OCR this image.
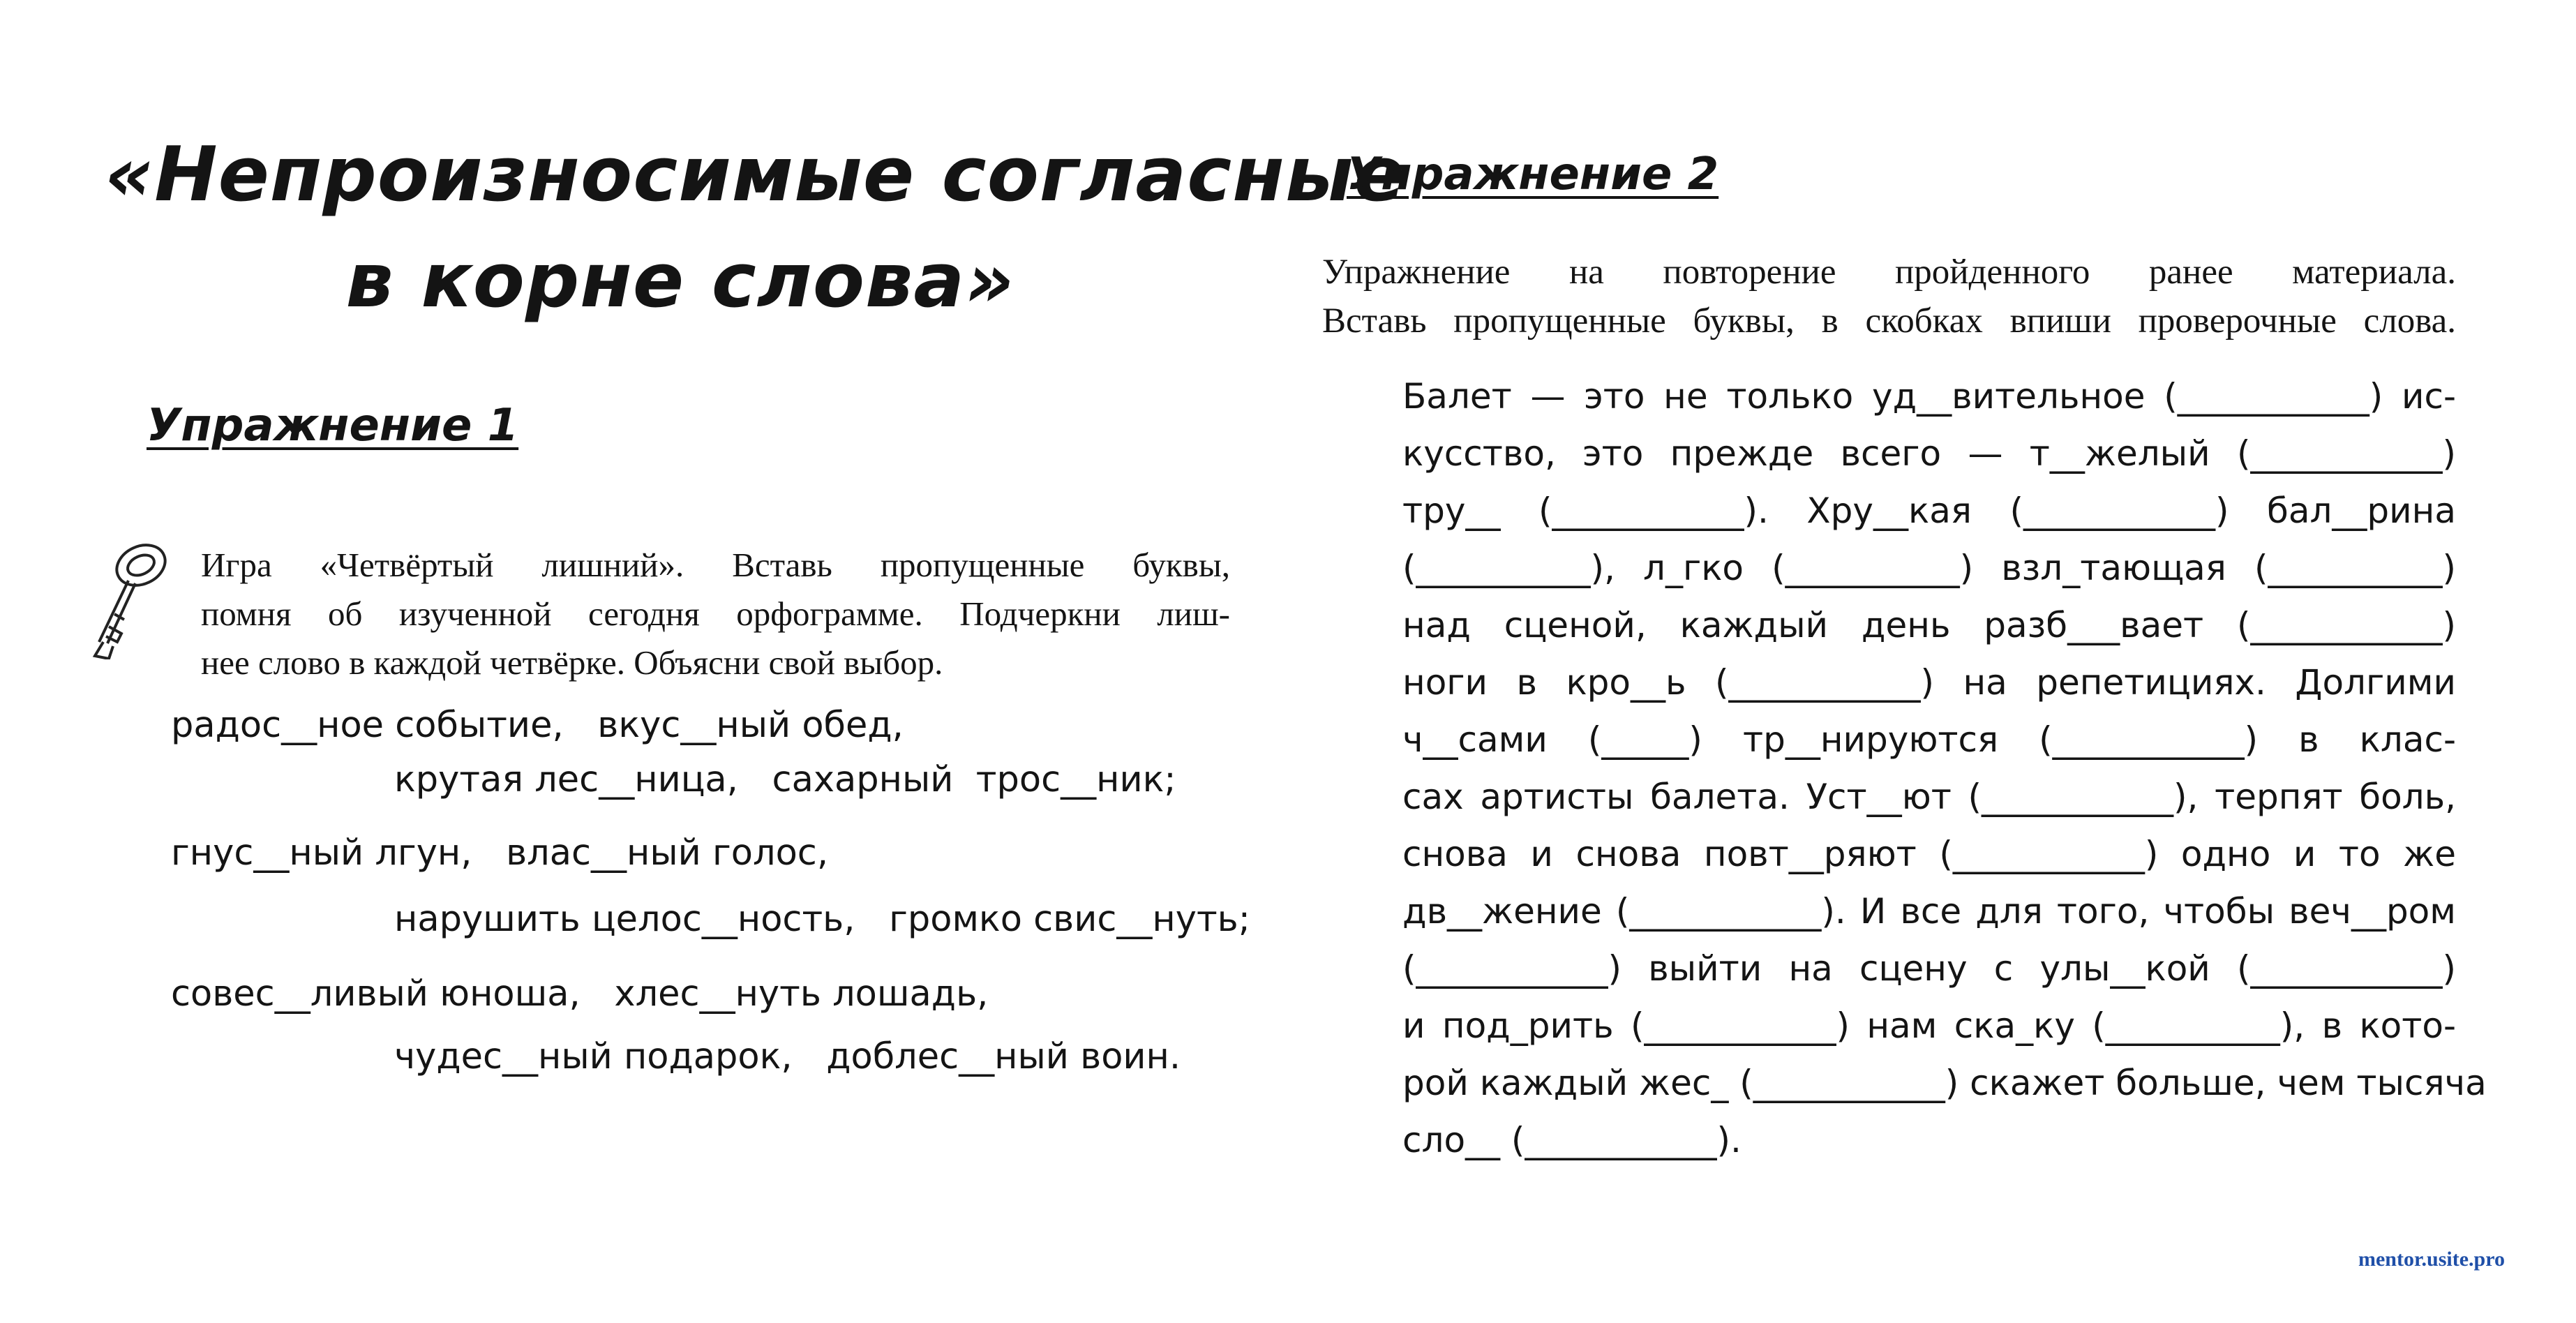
«Непроизносимые согласные
в корне слова»
Упражнение 1
Игра «Четвёртый лишний». Вставь пропущенные буквы,
помня об изученной сегодня орфограмме. Подчеркни лиш-
нее слово в каждой четвёрке. Объясни свой выбор.
радос__ное событие,   вкус__ный обед,
крутая лес__ница,   сахарный  трос__ник;
гнус__ный лгун,   влас__ный голос,
нарушить целос__ность,   громко свис__нуть;
совес__ливый юноша,   хлес__нуть лошадь,
чудес__ный подарок,   доблес__ный воин.
Упражнение 2
Упражнение на повторение пройденного ранее материала.
Вставь пропущенные буквы, в скобках впиши проверочные слова.
Балет — это не только уд__вительное (___________) ис-
кусство, это прежде всего — т__желый (___________)
тру__ (___________). Хру__кая (___________) бал__рина
(__________), л_гко (__________) взл_тающая (__________)
над сценой, каждый день разб___вает (___________)
ноги в кро__ь (___________) на репетициях. Долгими
ч__сами (_____) тр__нируются (___________) в клас-
сах артисты балета. Уст__ют (___________), терпят боль,
снова и снова повт__ряют (___________) одно и то же
дв__жение (___________). И все для того, чтобы веч__ром
(___________) выйти на сцену с улы__кой (___________)
и под_рить (___________) нам ска_ку (__________), в кото-
рой каждый жес_ (___________) скажет больше, чем тысяча
сло__ (___________).
mentor.usite.pro
